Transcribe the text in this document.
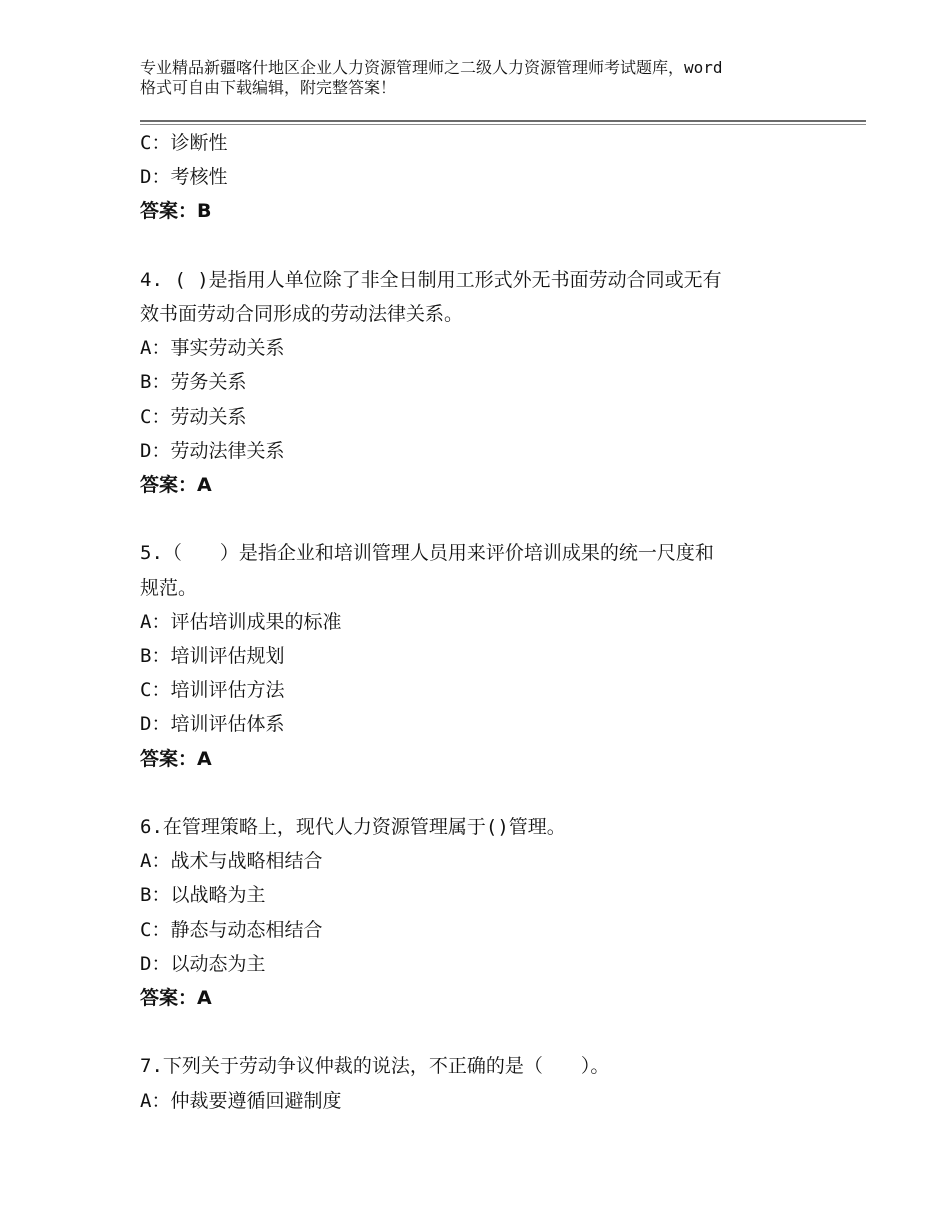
专业精品新疆喀什地区企业人力资源管理师之二级人力资源管理师考试题库，word
格式可自由下载编辑，附完整答案！
C：诊断性
D：考核性
答案：B
4. ( )是指用人单位除了非全日制用工形式外无书面劳动合同或无有
效书面劳动合同形成的劳动法律关系。
A：事实劳动关系
B：劳务关系
C：劳动关系
D：劳动法律关系
答案：A
5.（　　）是指企业和培训管理人员用来评价培训成果的统一尺度和
规范。
A：评估培训成果的标准
B：培训评估规划
C：培训评估方法
D：培训评估体系
答案：A
6.在管理策略上，现代人力资源管理属于()管理。
A：战术与战略相结合
B：以战略为主
C：静态与动态相结合
D：以动态为主
答案：A
7.下列关于劳动争议仲裁的说法，不正确的是（　　）。
A：仲裁要遵循回避制度
